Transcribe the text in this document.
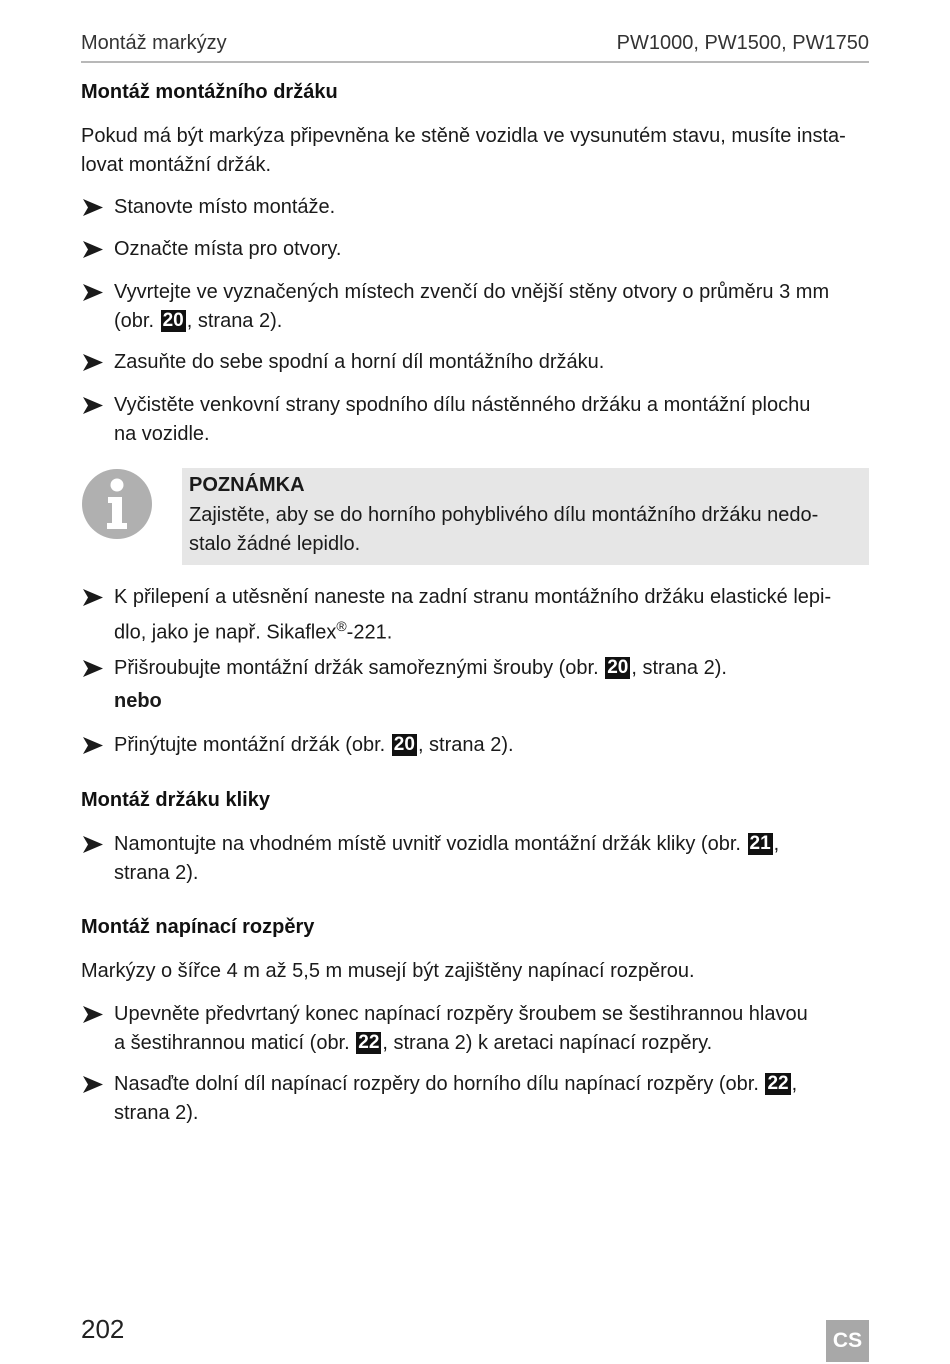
Montáž markýzy	PW1000, PW1500, PW1750
Montáž montážního držáku
Pokud má být markýza připevněna ke stěně vozidla ve vysunutém stavu, musíte insta-
lovat montážní držák.
Stanovte místo montáže.
Označte místa pro otvory.
Vyvrtejte ve vyznačených místech zvenčí do vnější stěny otvory o průměru 3 mm
(obr. 20 , strana 2).
Zasuňte do sebe spodní a horní díl montážního držáku.
Vyčistěte venkovní strany spodního dílu nástěnného držáku a montážní plochu
na vozidle.
POZNÁMKA
Zajistěte, aby se do horního pohyblivého dílu montážního držáku nedo-
stalo žádné lepidlo.
K přilepení a utěsnění naneste na zadní stranu montážního držáku elastické lepi-
dlo, jako je např. Sikaflex®-221.
Přišroubujte montážní držák samořeznými šrouby (obr. 20 , strana 2).
nebo
Přinýtujte montážní držák (obr. 20 , strana 2).
Montáž držáku kliky
Namontujte na vhodném místě uvnitř vozidla montážní držák kliky (obr. 21 ,
strana 2).
Montáž napínací rozpěry
Markýzy o šířce 4 m až 5,5 m musejí být zajištěny napínací rozpěrou.
Upevněte předvrtaný konec napínací rozpěry šroubem se šestihrannou hlavou
a šestihrannou maticí (obr. 22 , strana 2) k aretaci napínací rozpěry.
Nasaďte dolní díl napínací rozpěry do horního dílu napínací rozpěry (obr. 22 ,
strana 2).
202	CS
